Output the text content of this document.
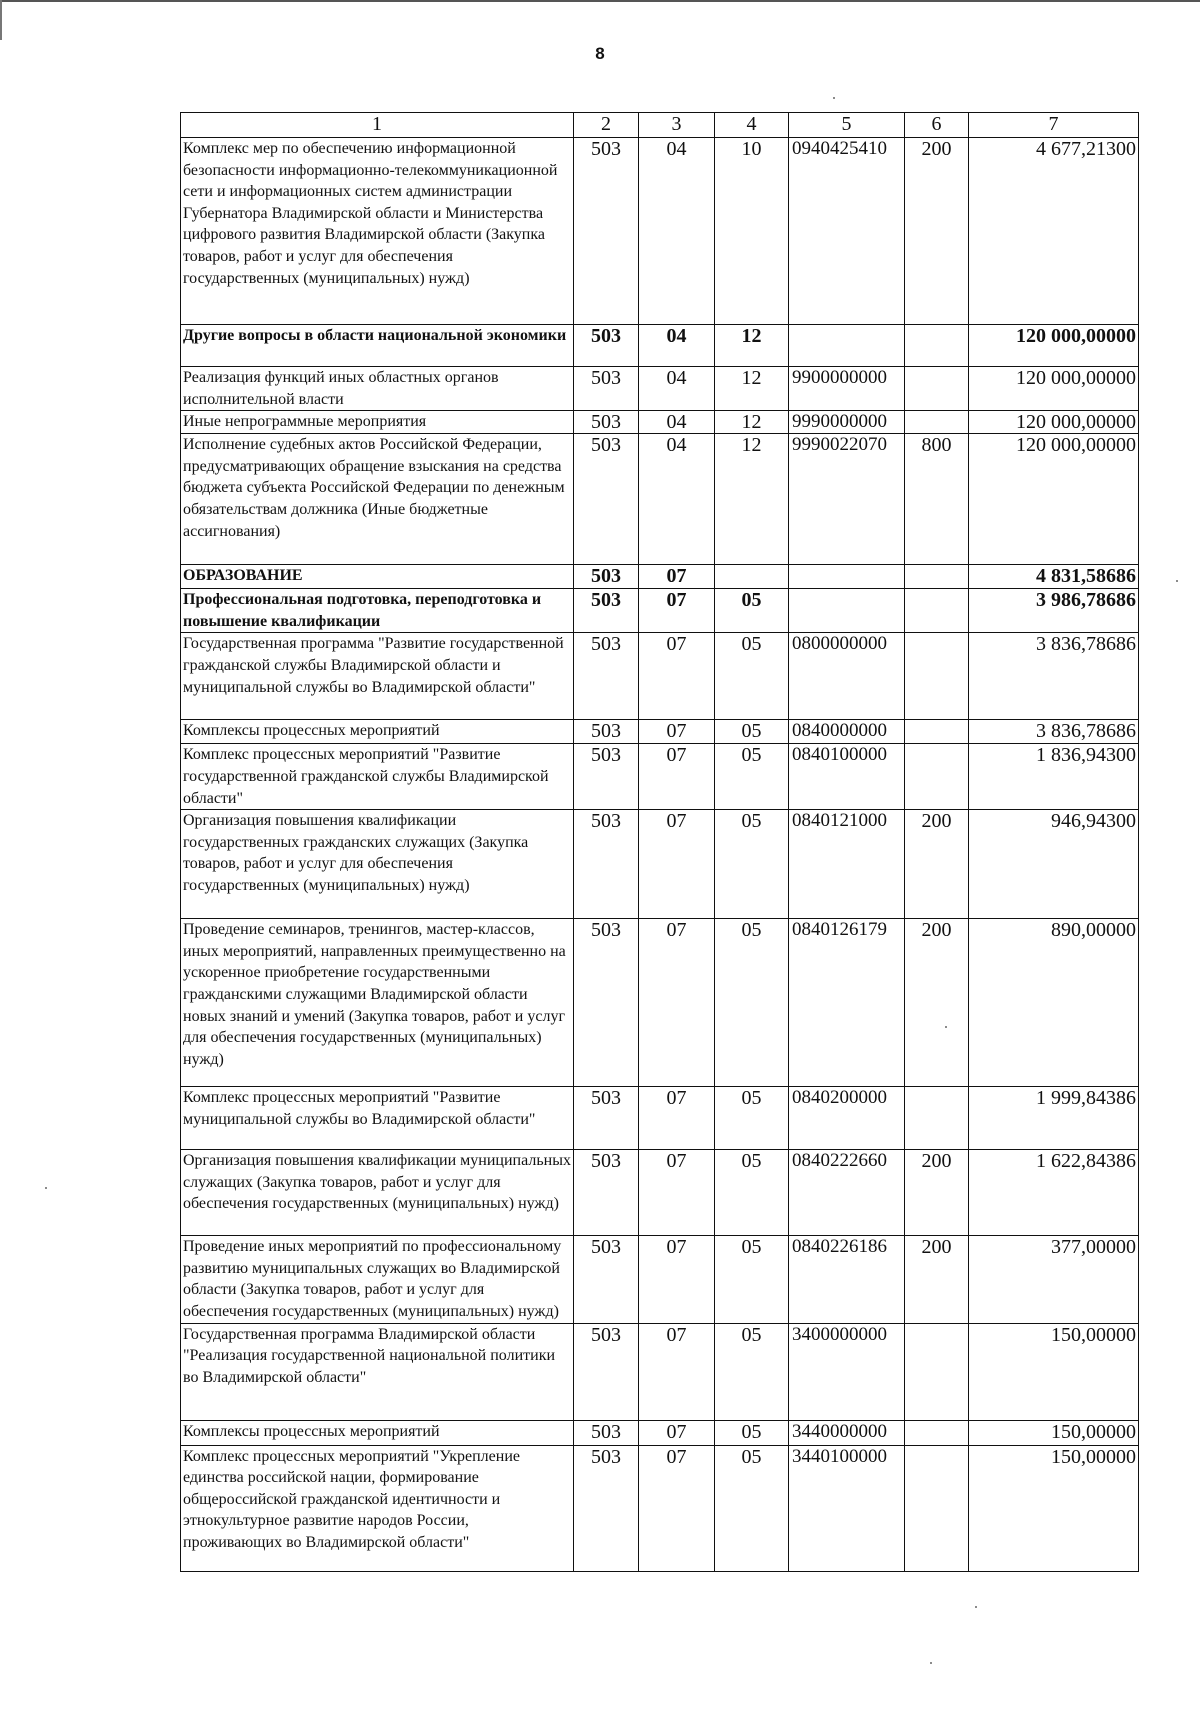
8
1	2	3	4	5	6	7
Комплекс мер по обеспечению информационной безопасности информационно-телекоммуникационной сети и информационных систем администрации Губернатора Владимирской области и Министерства цифрового развития Владимирской области (Закупка товаров, работ и услуг для обеспечения государственных (муниципальных) нужд)	503	04	10	0940425410	200	4 677,21300
Другие вопросы в области национальной экономики	503	04	12			120 000,00000
Реализация функций иных областных органов исполнительной власти	503	04	12	9900000000		120 000,00000
Иные непрограммные мероприятия	503	04	12	9990000000		120 000,00000
Исполнение судебных актов Российской Федерации, предусматривающих обращение взыскания на средства бюджета субъекта Российской Федерации по денежным обязательствам должника (Иные бюджетные ассигнования)	503	04	12	9990022070	800	120 000,00000
ОБРАЗОВАНИЕ	503	07				4 831,58686
Профессиональная подготовка, переподготовка и повышение квалификации	503	07	05			3 986,78686
Государственная программа "Развитие государственной гражданской службы Владимирской области и муниципальной службы во Владимирской области"	503	07	05	0800000000		3 836,78686
Комплексы процессных мероприятий	503	07	05	0840000000		3 836,78686
Комплекс процессных мероприятий "Развитие государственной гражданской службы Владимирской области"	503	07	05	0840100000		1 836,94300
Организация повышения квалификации государственных гражданских служащих (Закупка товаров, работ и услуг для обеспечения государственных (муниципальных) нужд)	503	07	05	0840121000	200	946,94300
Проведение семинаров, тренингов, мастер-классов, иных мероприятий, направленных преимущественно на ускоренное приобретение государственными гражданскими служащими Владимирской области новых знаний и умений (Закупка товаров, работ и услуг для обеспечения государственных (муниципальных) нужд)	503	07	05	0840126179	200	890,00000
Комплекс процессных мероприятий "Развитие муниципальной службы во Владимирской области"	503	07	05	0840200000		1 999,84386
Организация повышения квалификации муниципальных служащих (Закупка товаров, работ и услуг для обеспечения государственных (муниципальных) нужд)	503	07	05	0840222660	200	1 622,84386
Проведение иных мероприятий по профессиональному развитию муниципальных служащих во Владимирской области (Закупка товаров, работ и услуг для обеспечения государственных (муниципальных) нужд)	503	07	05	0840226186	200	377,00000
Государственная программа Владимирской области "Реализация государственной национальной политики во Владимирской области"	503	07	05	3400000000		150,00000
Комплексы процессных мероприятий	503	07	05	3440000000		150,00000
Комплекс процессных мероприятий "Укрепление единства российской нации, формирование общероссийской гражданской идентичности и этнокультурное развитие народов России, проживающих во Владимирской области"	503	07	05	3440100000		150,00000
